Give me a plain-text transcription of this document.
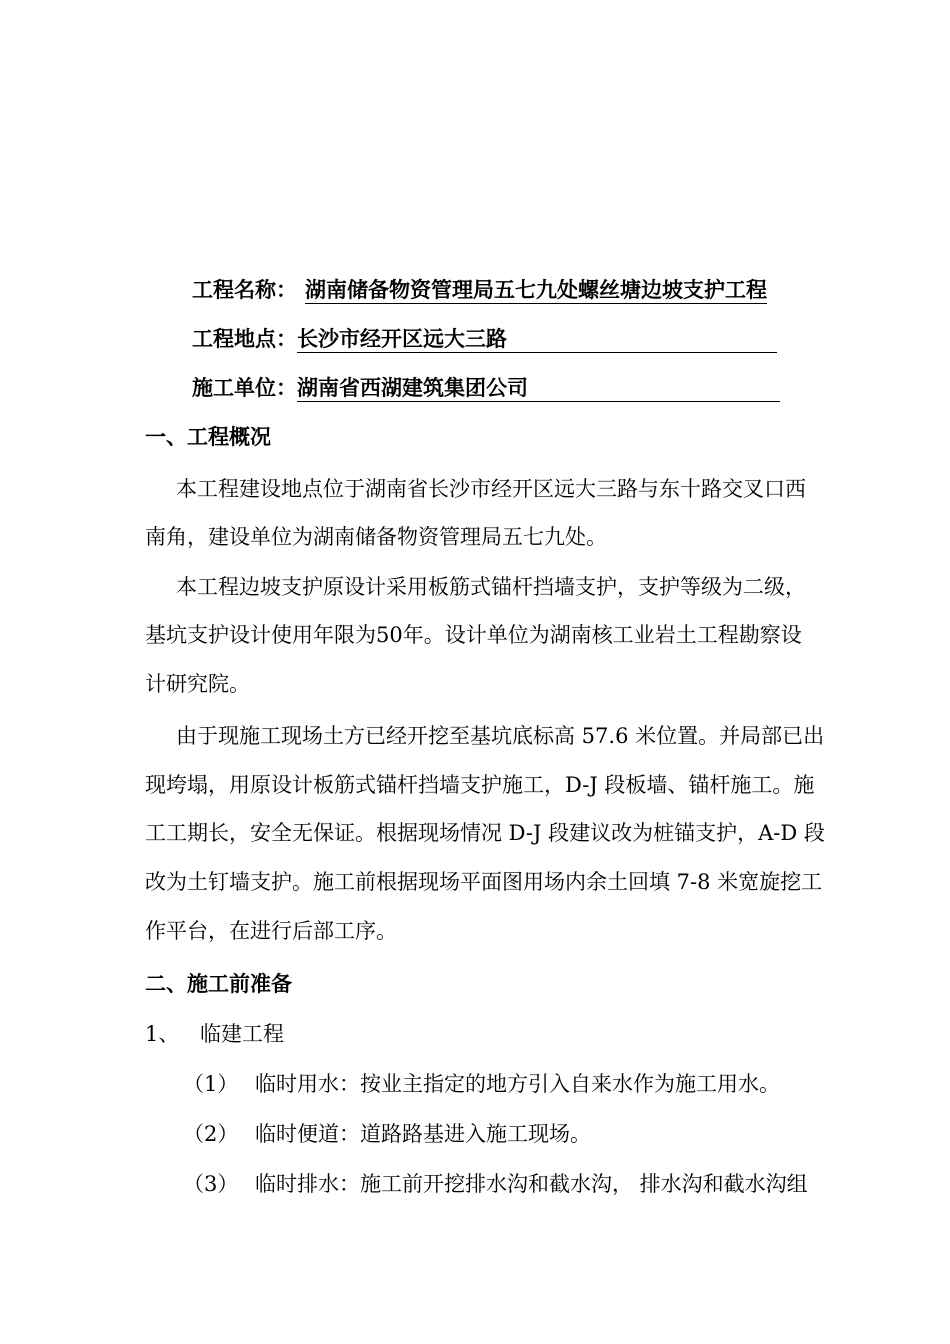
工程名称： 湖南储备物资管理局五七九处螺丝塘边坡支护工程
工程地点：长沙市经开区远大三路
施工单位：湖南省西湖建筑集团公司
一、工程概况
本工程建设地点位于湖南省长沙市经开区远大三路与东十路交叉口西
南角，建设单位为湖南储备物资管理局五七九处。
本工程边坡支护原设计采用板筋式锚杆挡墙支护，支护等级为二级，
基坑支护设计使用年限为50年。设计单位为湖南核工业岩土工程勘察设
计研究院。
由于现施工现场土方已经开挖至基坑底标高 57.6 米位置。并局部已出
现垮塌，用原设计板筋式锚杆挡墙支护施工，D-J 段板墙、锚杆施工。施
工工期长，安全无保证。根据现场情况 D-J 段建议改为桩锚支护，A-D 段
改为土钉墙支护。施工前根据现场平面图用场内余土回填 7-8 米宽旋挖工
作平台，在进行后部工序。
二、施工前准备
1、 临建工程
（1） 临时用水：按业主指定的地方引入自来水作为施工用水。
（2） 临时便道：道路路基进入施工现场。
（3） 临时排水：施工前开挖排水沟和截水沟， 排水沟和截水沟组
